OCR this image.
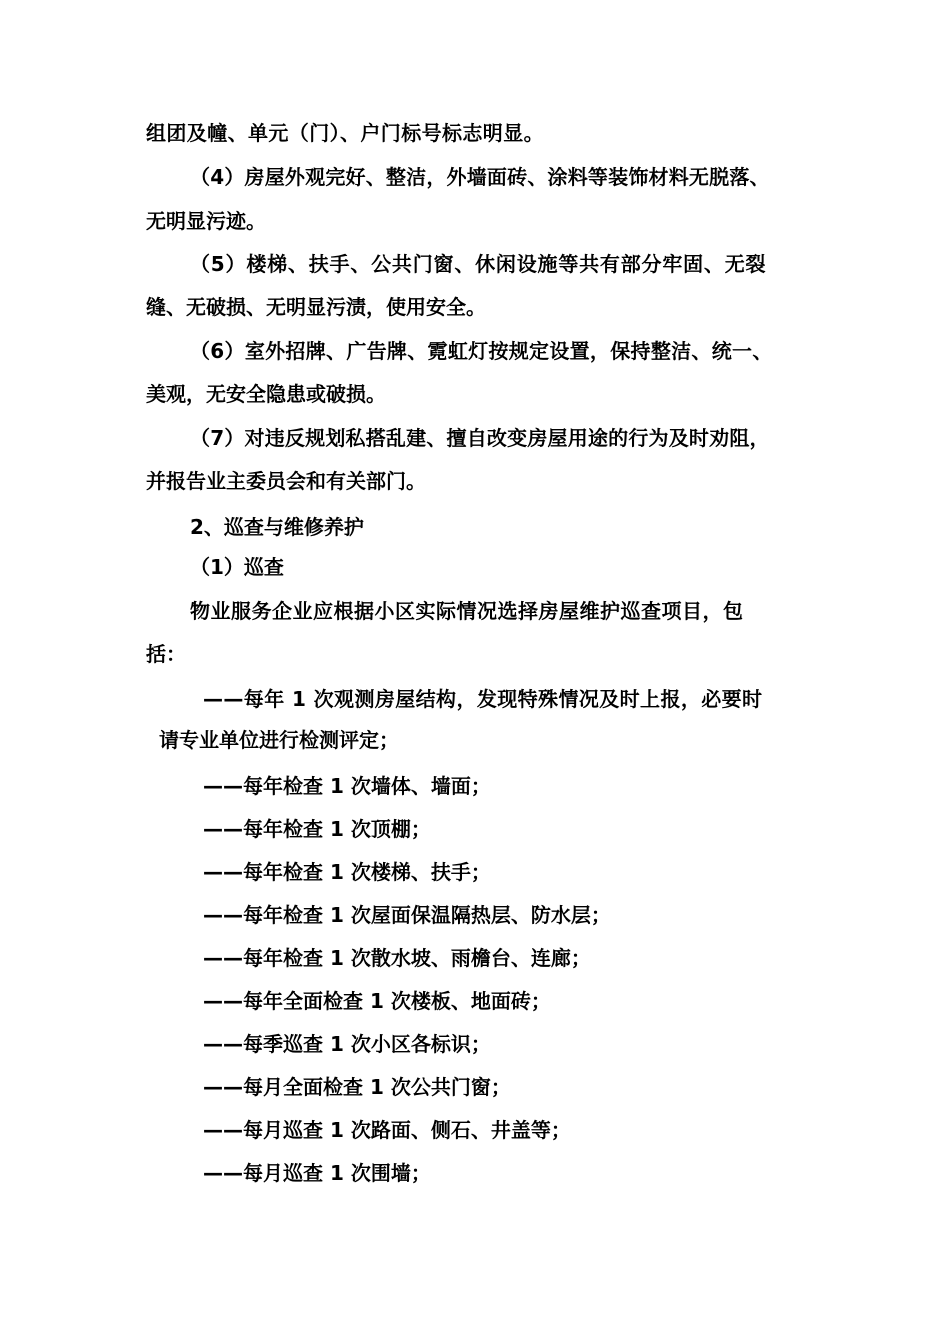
组团及幢、单元（门）、户门标号标志明显。
（4）房屋外观完好、整洁，外墙面砖、涂料等装饰材料无脱落、
无明显污迹。
（5）楼梯、扶手、公共门窗、休闲设施等共有部分牢固、无裂
缝、无破损、无明显污渍，使用安全。
（6）室外招牌、广告牌、霓虹灯按规定设置，保持整洁、统一、
美观，无安全隐患或破损。
（7）对违反规划私搭乱建、擅自改变房屋用途的行为及时劝阻，
并报告业主委员会和有关部门。
2、巡查与维修养护
（1）巡查
物业服务企业应根据小区实际情况选择房屋维护巡查项目，包
括：
——每年 1 次观测房屋结构，发现特殊情况及时上报，必要时
请专业单位进行检测评定；
——每年检查 1 次墙体、墙面；
——每年检查 1 次顶棚；
——每年检查 1 次楼梯、扶手；
——每年检查 1 次屋面保温隔热层、防水层；
——每年检查 1 次散水坡、雨檐台、连廊；
——每年全面检查 1 次楼板、地面砖；
——每季巡查 1 次小区各标识；
——每月全面检查 1 次公共门窗；
——每月巡查 1 次路面、侧石、井盖等；
——每月巡查 1 次围墙；
